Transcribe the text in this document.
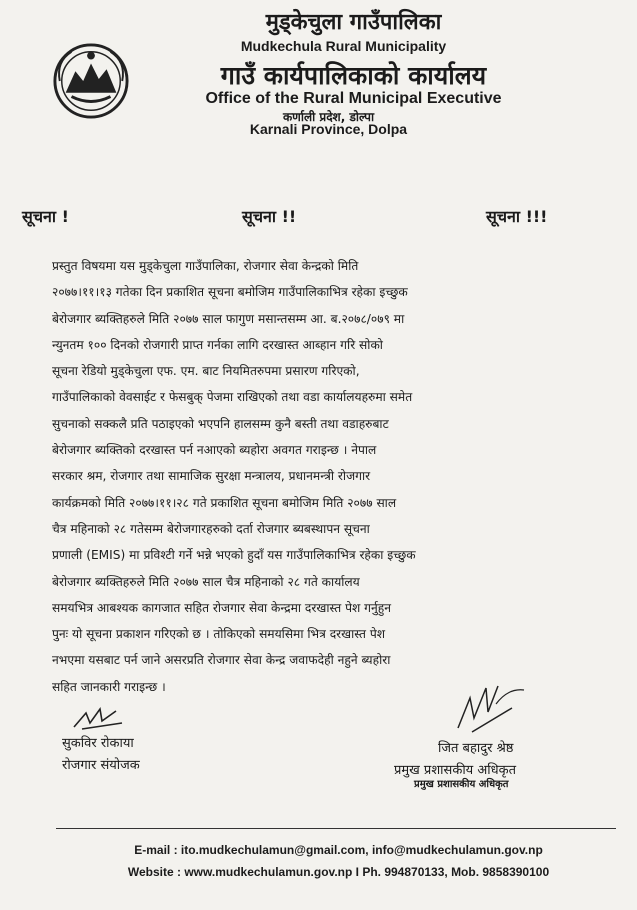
मुड्केचुला गाउँपालिका
Mudkechula Rural Municipality
गाउँ कार्यपालिकाको कार्यालय
Office of the Rural Municipal Executive
कर्णाली प्रदेश, डोल्पा
Karnali Province, Dolpa
सूचना !	सूचना !!	सूचना !!!
प्रस्तुत विषयमा यस मुड्केचुला गाउँपालिका, रोजगार सेवा केन्द्रको मिति
२०७७।११।१३ गतेका दिन प्रकाशित सूचना बमोजिम गाउँपालिकाभित्र रहेका इच्छुक
बेरोजगार ब्यक्तिहरुले मिति २०७७ साल फागुण मसान्तसम्म आ. ब.२०७८/०७९ मा
न्युनतम १०० दिनको रोजगारी प्राप्त गर्नका लागि दरखास्त आब्हान गरि सोको
सूचना रेडियो मुड्केचुला एफ. एम. बाट नियमितरुपमा प्रसारण गरिएको,
गाउँपालिकाको वेवसाईट र फेसबुक् पेजमा राखिएको तथा वडा कार्यालयहरुमा समेत
सुचनाको सक्कलै प्रति पठाइएको भएपनि हालसम्म कुनै बस्ती तथा वडाहरुबाट
बेरोजगार ब्यक्तिको दरखास्त पर्न नआएको ब्यहोरा अवगत गराइन्छ । नेपाल
सरकार श्रम, रोजगार तथा सामाजिक सुरक्षा मन्त्रालय, प्रधानमन्त्री रोजगार
कार्यक्रमको मिति २०७७।११।२८ गते प्रकाशित सूचना बमोजिम मिति २०७७ साल
चैत्र महिनाको २८ गतेसम्म बेरोजगारहरुको दर्ता रोजगार ब्यबस्थापन सूचना
प्रणाली (EMIS) मा प्रविश्टी गर्ने भन्ने भएको हुदाँ यस गाउँपालिकाभित्र रहेका इच्छुक
बेरोजगार ब्यक्तिहरुले मिति २०७७ साल चैत्र महिनाको २८ गते कार्यालय
समयभित्र आबश्यक कागजात सहित रोजगार सेवा केन्द्रमा दरखास्त पेश गर्नुहुन
पुनः यो सूचना प्रकाशन गरिएको छ । तोकिएको समयसिमा भित्र दरखास्त पेश
नभएमा यसबाट पर्न जाने असरप्रति रोजगार सेवा केन्द्र जवाफदेही नहुने ब्यहोरा
सहित जानकारी गराइन्छ ।
सुकविर रोकाया
रोजगार संयोजक
जित बहादुर श्रेष्ठ
प्रमुख प्रशासकीय अधिकृत
प्रमुख प्रशासकीय अधिकृत
E-mail : ito.mudkechulamun@gmail.com, info@mudkechulamun.gov.np
Website : www.mudkechulamun.gov.np I Ph. 994870133, Mob. 9858390100
